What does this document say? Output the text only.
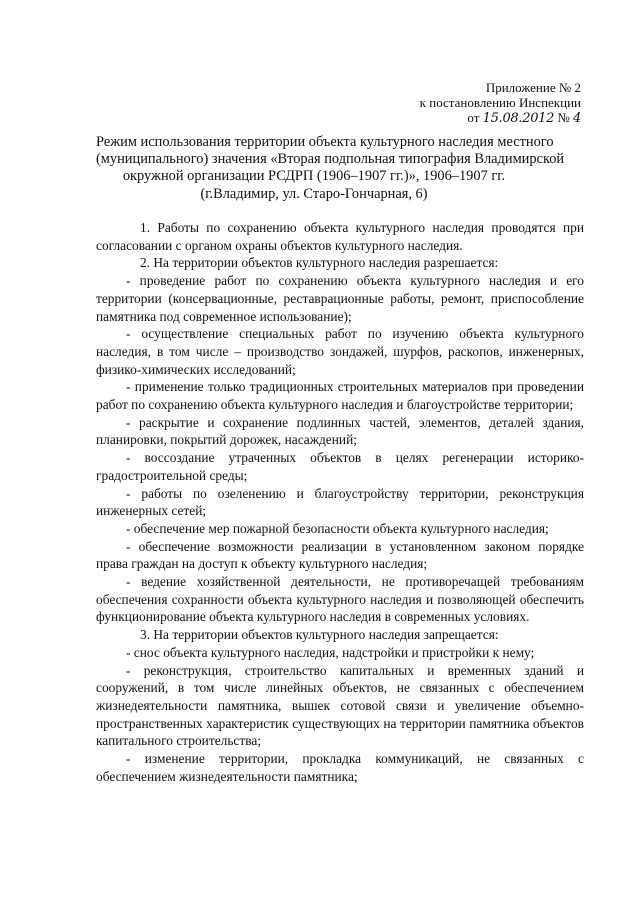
Приложение № 2
к постановлению Инспекции
от 15.08.2012 № 4
Режим использования территории объекта культурного наследия местного
(муниципального) значения «Вторая подпольная типография Владимирской
окружной организации РСДРП (1906–1907 гг.)», 1906–1907 гг.
(г.Владимир, ул. Старо-Гончарная, 6)

1. Работы по сохранению объекта культурного наследия проводятся при согласовании с органом охраны объектов культурного наследия.

2. На территории объектов культурного наследия разрешается:

- проведение работ по сохранению объекта культурного наследия и его территории (консервационные, реставрационные работы, ремонт, приспособление памятника под современное использование);

- осуществление специальных работ по изучению объекта культурного наследия, в том числе – производство зондажей, шурфов, раскопов, инженерных, физико-химических исследований;

- применение только традиционных строительных материалов при проведении работ по сохранению объекта культурного наследия и благоустройстве территории;

- раскрытие и сохранение подлинных частей, элементов, деталей здания, планировки, покрытий дорожек, насаждений;

- воссоздание утраченных объектов в целях регенерации историко-градостроительной среды;

- работы по озеленению и благоустройству территории, реконструкция инженерных сетей;

- обеспечение мер пожарной безопасности объекта культурного наследия;

- обеспечение возможности реализации в установленном законом порядке права граждан на доступ к объекту культурного наследия;

- ведение хозяйственной деятельности, не противоречащей требованиям обеспечения сохранности объекта культурного наследия и позволяющей обеспечить функционирование объекта культурного наследия в современных условиях.

3. На территории объектов культурного наследия запрещается:

- снос объекта культурного наследия, надстройки и пристройки к нему;

- реконструкция, строительство капитальных и временных зданий и сооружений, в том числе линейных объектов, не связанных с обеспечением жизнедеятельности памятника, вышек сотовой связи и увеличение объемно-пространственных характеристик существующих на территории памятника объектов капитального строительства;

- изменение территории, прокладка коммуникаций, не связанных с обеспечением жизнедеятельности памятника;
